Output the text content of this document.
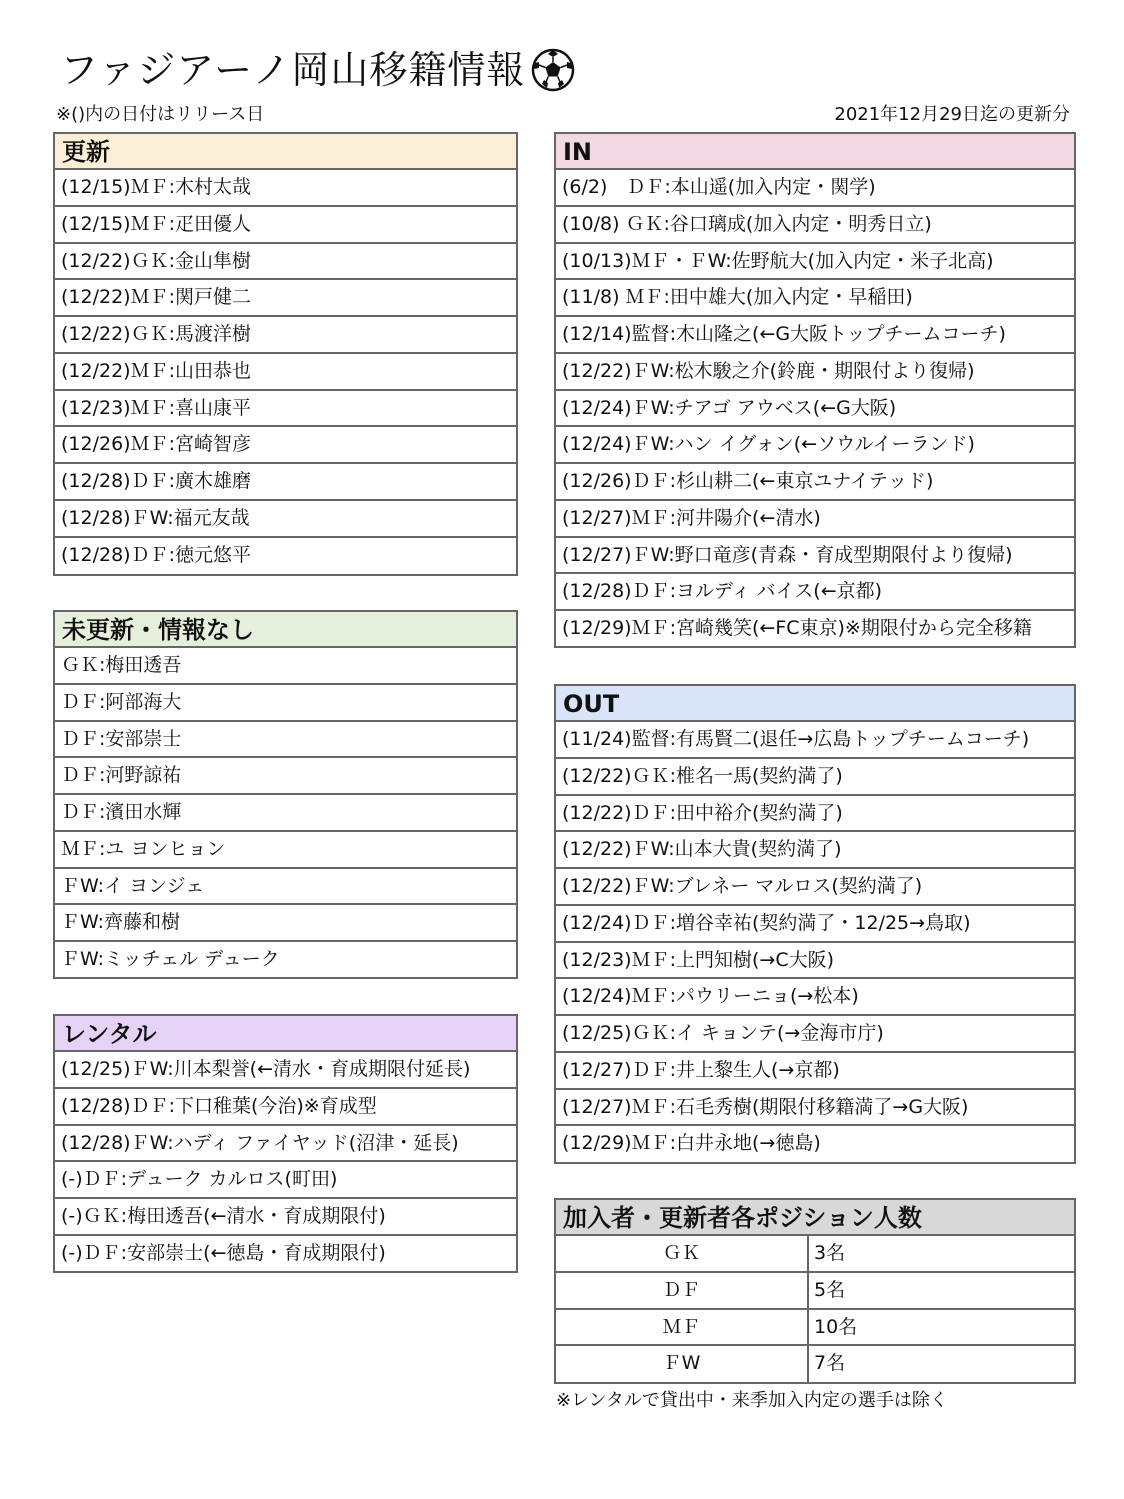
ファジアーノ岡山移籍情報
※()内の日付はリリース日	2021年12月29日迄の更新分
更新
(12/15)ＭＦ:木村太哉
(12/15)ＭＦ:疋田優人
(12/22)ＧＫ:金山隼樹
(12/22)ＭＦ:関戸健二
(12/22)ＧＫ:馬渡洋樹
(12/22)ＭＦ:山田恭也
(12/23)ＭＦ:喜山康平
(12/26)ＭＦ:宮崎智彦
(12/28)ＤＦ:廣木雄磨
(12/28)ＦW:福元友哉
(12/28)ＤＦ:徳元悠平
未更新・情報なし
ＧＫ:梅田透吾
ＤＦ:阿部海大
ＤＦ:安部崇士
ＤＦ:河野諒祐
ＤＦ:濱田水輝
ＭＦ:ユ ヨンヒョン
ＦW:イ ヨンジェ
ＦW:齊藤和樹
ＦW:ミッチェル デューク
レンタル
(12/25)ＦW:川本梨誉(←清水・育成期限付延長)
(12/28)ＤＦ:下口稚葉(今治)※育成型
(12/28)ＦW:ハディ ファイヤッド(沼津・延長)
(-)ＤＦ:デューク カルロス(町田)
(-)ＧＫ:梅田透吾(←清水・育成期限付)
(-)ＤＦ:安部崇士(←徳島・育成期限付)
IN
(6/2)　ＤＦ:本山遥(加入内定・関学)
(10/8) ＧＫ:谷口璃成(加入内定・明秀日立)
(10/13)ＭＦ・ＦW:佐野航大(加入内定・米子北高)
(11/8) ＭＦ:田中雄大(加入内定・早稲田)
(12/14)監督:木山隆之(←G大阪トップチームコーチ)
(12/22)ＦW:松木駿之介(鈴鹿・期限付より復帰)
(12/24)ＦW:チアゴ アウベス(←G大阪)
(12/24)ＦW:ハン イグォン(←ソウルイーランド)
(12/26)ＤＦ:杉山耕二(←東京ユナイテッド)
(12/27)ＭＦ:河井陽介(←清水)
(12/27)ＦW:野口竜彦(青森・育成型期限付より復帰)
(12/28)ＤＦ:ヨルディ バイス(←京都)
(12/29)ＭＦ:宮崎幾笑(←FC東京)※期限付から完全移籍
OUT
(11/24)監督:有馬賢二(退任→広島トップチームコーチ)
(12/22)ＧＫ:椎名一馬(契約満了)
(12/22)ＤＦ:田中裕介(契約満了)
(12/22)ＦW:山本大貴(契約満了)
(12/22)ＦW:ブレネー マルロス(契約満了)
(12/24)ＤＦ:増谷幸祐(契約満了・12/25→鳥取)
(12/23)ＭＦ:上門知樹(→C大阪)
(12/24)ＭＦ:パウリーニョ(→松本)
(12/25)ＧＫ:イ キョンテ(→金海市庁)
(12/27)ＤＦ:井上黎生人(→京都)
(12/27)ＭＦ:石毛秀樹(期限付移籍満了→G大阪)
(12/29)ＭＦ:白井永地(→徳島)
加入者・更新者各ポジション人数
ＧＫ	3名
ＤＦ	5名
ＭＦ	10名
ＦW	7名
※レンタルで貸出中・来季加入内定の選手は除く
